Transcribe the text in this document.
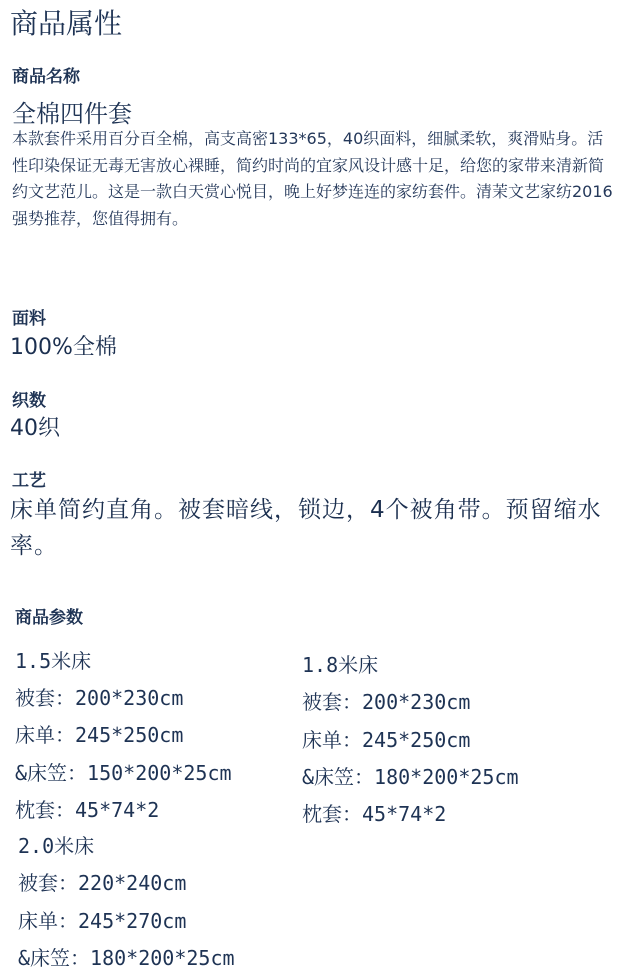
商品属性
商品名称
全棉四件套
本款套件采用百分百全棉，高支高密133*65，40织面料，细腻柔软，爽滑贴身。活性印染保证无毒无害放心裸睡，简约时尚的宜家风设计感十足，给您的家带来清新简约文艺范儿。这是一款白天赏心悦目，晚上好梦连连的家纺套件。清茉文艺家纺2016强势推荐，您值得拥有。
面料
100%全棉
织数
40织
工艺
床单简约直角。被套暗线，锁边，4个被角带。预留缩水率。
商品参数
1.5米床
被套：200*230cm
床单：245*250cm
&床笠：150*200*25cm
枕套：45*74*2
1.8米床
被套：200*230cm
床单：245*250cm
&床笠：180*200*25cm
枕套：45*74*2
2.0米床
被套：220*240cm
床单：245*270cm
&床笠：180*200*25cm
